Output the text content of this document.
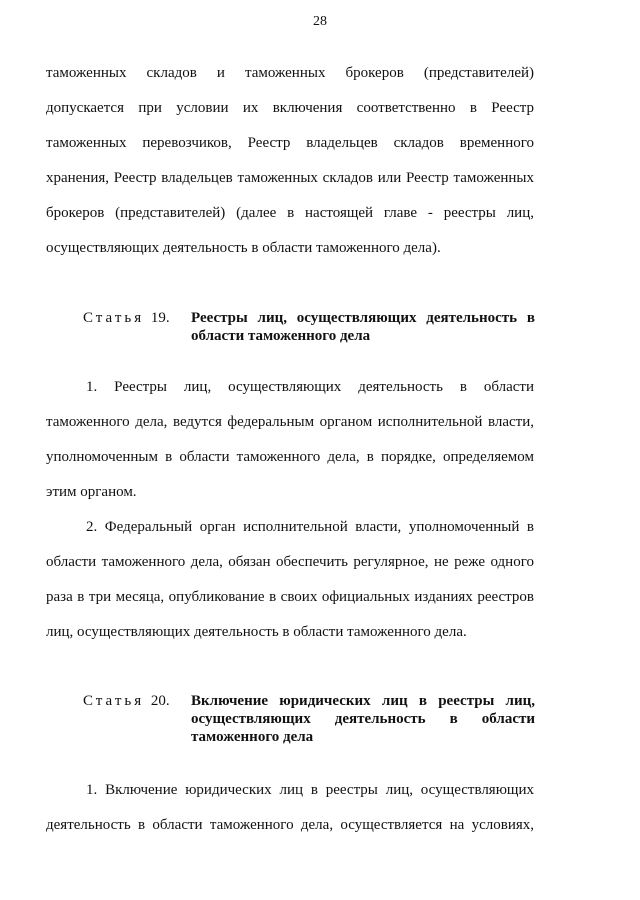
28
таможенных складов и таможенных брокеров (представителей)
допускается при условии их включения соответственно в Реестр
таможенных перевозчиков, Реестр владельцев складов временного
хранения, Реестр владельцев таможенных складов или Реестр таможенных
брокеров (представителей) (далее в настоящей главе - реестры лиц,
осуществляющих деятельность в области таможенного дела).
Статья 19.	Реестры лиц, осуществляющих деятельность в
области таможенного дела
1. Реестры лиц, осуществляющих деятельность в области
таможенного дела, ведутся федеральным органом исполнительной власти,
уполномоченным в области таможенного дела, в порядке, определяемом
этим органом.
2. Федеральный орган исполнительной власти, уполномоченный в
области таможенного дела, обязан обеспечить регулярное, не реже одного
раза в три месяца, опубликование в своих официальных изданиях реестров
лиц, осуществляющих деятельность в области таможенного дела.
Статья 20.	Включение юридических лиц в реестры лиц,
осуществляющих деятельность в области
таможенного дела
1. Включение юридических лиц в реестры лиц, осуществляющих
деятельность в области таможенного дела, осуществляется на условиях,
